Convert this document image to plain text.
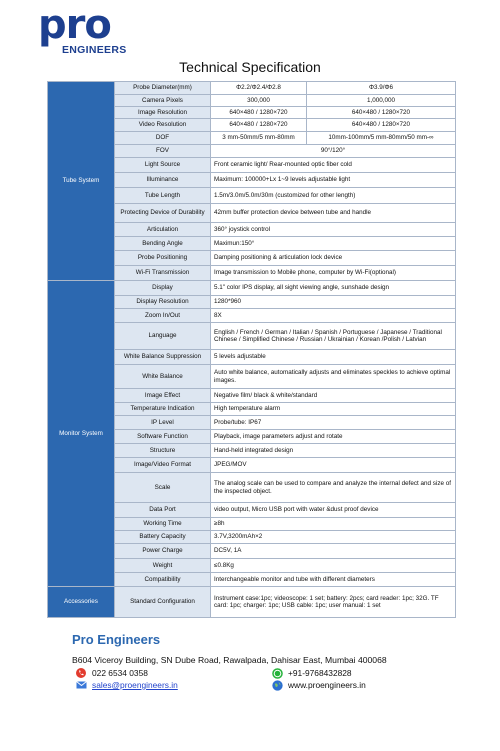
pro
ENGINEERS
Technical Specification
Tube System	Probe Diameter(mm)	Φ2.2/Φ2.4/Φ2.8	Φ3.9/Φ6
	Camera Pixels	300,000	1,000,000
	Image Resolution	640×480 / 1280×720	640×480 / 1280×720
	Video Resolution	640×480 / 1280×720	640×480 / 1280×720
	DOF	3 mm-50mm/5 mm-80mm	10mm-100mm/5 mm-80mm/50 mm-∞
	FOV	90°/120°	
	Light Source	Front ceramic light/ Rear-mounted optic fiber cold	
	Illuminance	Maximum: 100000+Lx 1~9 levels adjustable light	
	Tube Length	1.5m/3.0m/5.0m/30m (customized for other length)	
	Protecting Device of Durability	42mm buffer protection device between tube and handle	
	Articulation	360° joystick control	
	Bending Angle	Maximun:150°	
	Probe Positioning	Damping positioning & articulation lock device	
	Wi-Fi Transmission	Image transmission to Mobile phone, computer by Wi-Fi(optional)	
Monitor System	Display	5.1" color IPS display, all sight viewing angle, sunshade design	
	Display Resolution	1280*960	
	Zoom In/Out	8X	
	Language	English / French / German / Italian / Spanish / Portuguese / Japanese / Traditional Chinese / Simplified Chinese / Russian / Ukrainian / Korean /Polish / Latvian	
	White Balance Suppression	5 levels adjustable	
	White Balance	Auto white balance, automatically adjusts and eliminates speckles to achieve optimal images.	
	Image Effect	Negative film/ black & white/standard	
	Temperature Indication	High temperature alarm	
	IP Level	Probe/tube: IP67	
	Software Function	Playback, image parameters adjust and rotate	
	Structure	Hand-held integrated design	
	Image/Video Format	JPEG/MOV	
	Scale	The analog scale can be used to compare and analyze the internal defect and size of the inspected object.	
	Data Port	video output, Micro USB port with water &dust proof device	
	Working Time	≥8h	
	Battery Capacity	3.7V,3200mAh×2	
	Power Charge	DC5V, 1A	
	Weight	≤0.8Kg	
	Compatibility	Interchangeable monitor and tube with different diameters	
Accessories	Standard Configuration	Instrument case:1pc; videoscope: 1 set; battery: 2pcs; card reader: 1pc; 32G. TF card: 1pc; charger: 1pc; USB cable: 1pc; user manual: 1 set	
Pro Engineers
B604 Viceroy Building, SN Dube Road, Rawalpada, Dahisar East, Mumbai 400068
022 6534 0358	+91-9768432828
sales@proengineers.in	www.proengineers.in
